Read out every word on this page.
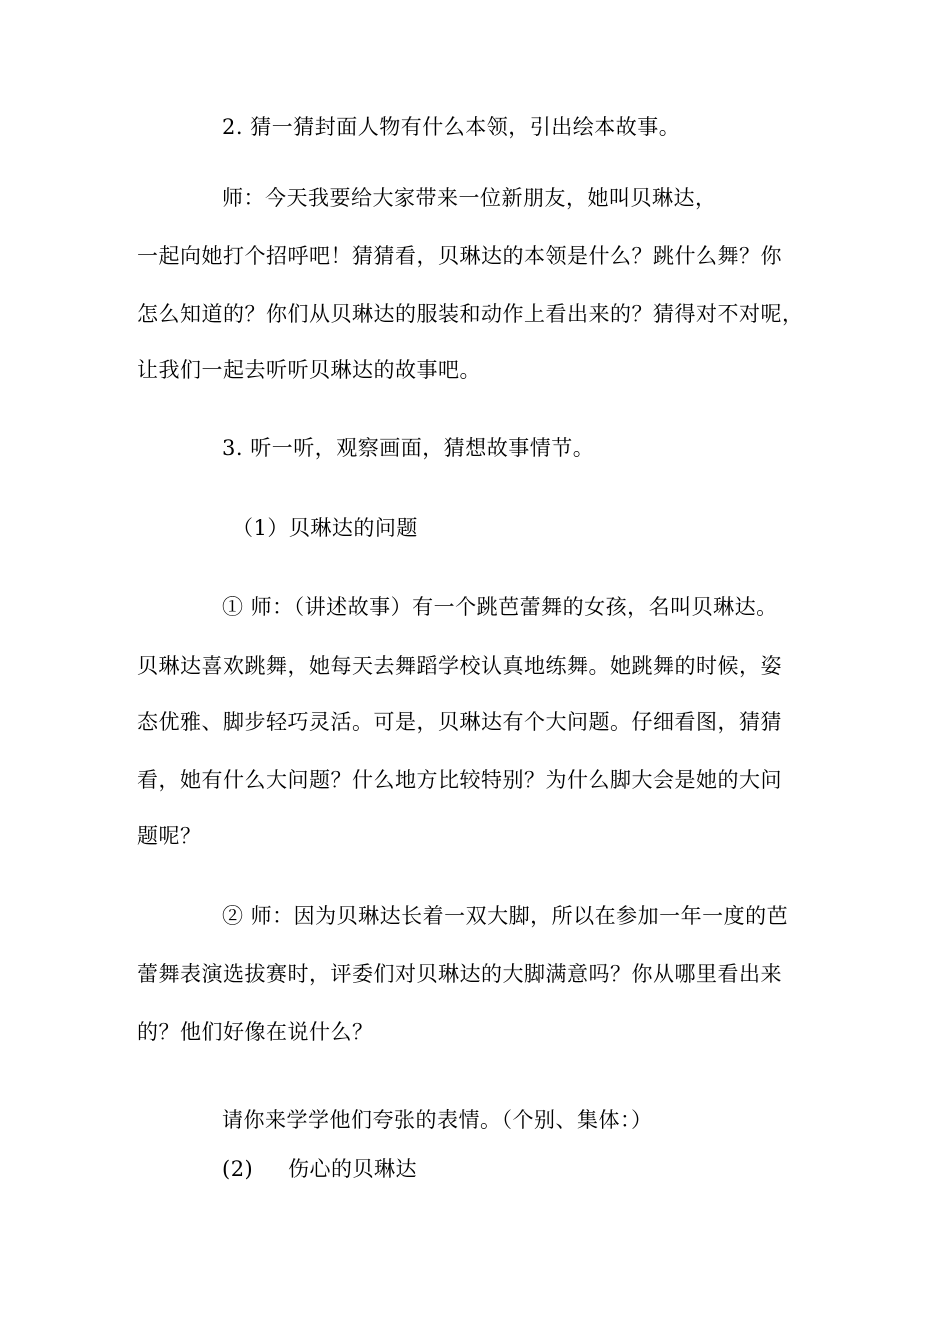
2. 猜一猜封面人物有什么本领，引出绘本故事。
师：今天我要给大家带来一位新朋友，她叫贝琳达，
一起向她打个招呼吧！猜猜看，贝琳达的本领是什么？跳什么舞？你
怎么知道的？你们从贝琳达的服装和动作上看出来的？猜得对不对呢，
让我们一起去听听贝琳达的故事吧。
3. 听一听，观察画面，猜想故事情节。
（1）贝琳达的问题
① 师：（讲述故事）有一个跳芭蕾舞的女孩，名叫贝琳达。
贝琳达喜欢跳舞，她每天去舞蹈学校认真地练舞。她跳舞的时候，姿
态优雅、脚步轻巧灵活。可是，贝琳达有个大问题。仔细看图，猜猜
看，她有什么大问题？什么地方比较特别？为什么脚大会是她的大问
题呢？
② 师：因为贝琳达长着一双大脚，所以在参加一年一度的芭
蕾舞表演选拔赛时，评委们对贝琳达的大脚满意吗？你从哪里看出来
的？他们好像在说什么？
请你来学学他们夸张的表情。（个别、集体：）
(2) 伤心的贝琳达
